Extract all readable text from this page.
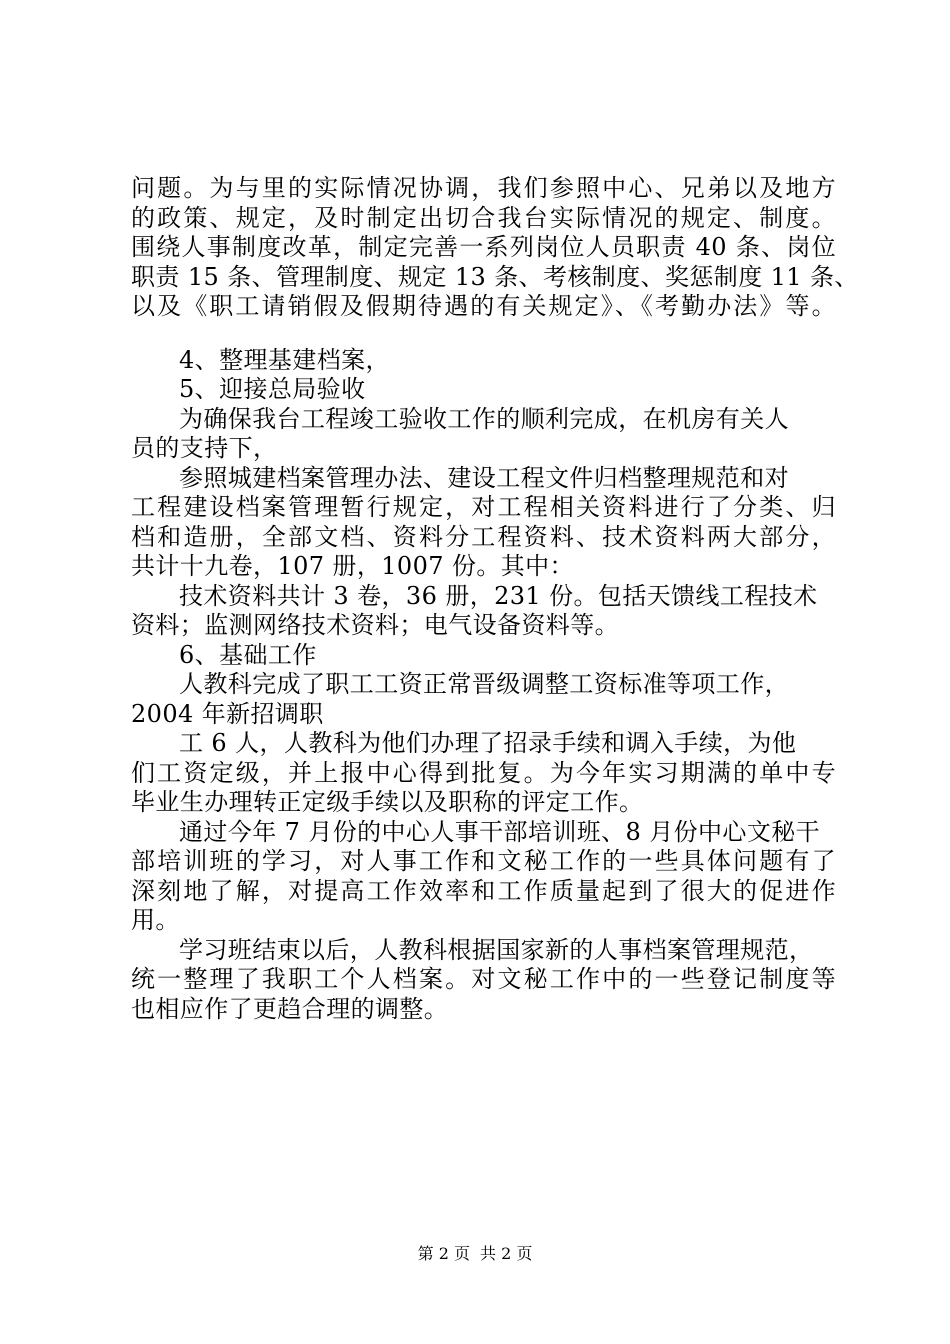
问题。为与里的实际情况协调，我们参照中心、兄弟以及地方
的政策、规定，及时制定出切合我台实际情况的规定、制度。
围绕人事制度改革，制定完善一系列岗位人员职责 40 条、岗位
职责 15 条、管理制度、规定 13 条、考核制度、奖惩制度 11 条、
以及《职工请销假及假期待遇的有关规定》、《考勤办法》等。
4、整理基建档案，
5、迎接总局验收
为确保我台工程竣工验收工作的顺利完成，在机房有关人
员的支持下，
参照城建档案管理办法、建设工程文件归档整理规范和对
工程建设档案管理暂行规定，对工程相关资料进行了分类、归
档和造册，全部文档、资料分工程资料、技术资料两大部分，
共计十九卷，107 册，1007 份。其中：
技术资料共计 3 卷，36 册，231 份。包括天馈线工程技术
资料；监测网络技术资料；电气设备资料等。
6、基础工作
人教科完成了职工工资正常晋级调整工资标准等项工作，
2004 年新招调职
工 6 人，人教科为他们办理了招录手续和调入手续，为他
们工资定级，并上报中心得到批复。为今年实习期满的单中专
毕业生办理转正定级手续以及职称的评定工作。
通过今年 7 月份的中心人事干部培训班、8 月份中心文秘干
部培训班的学习，对人事工作和文秘工作的一些具体问题有了
深刻地了解，对提高工作效率和工作质量起到了很大的促进作
用。
学习班结束以后，人教科根据国家新的人事档案管理规范，
统一整理了我职工个人档案。对文秘工作中的一些登记制度等
也相应作了更趋合理的调整。
第 2 页 共 2 页
